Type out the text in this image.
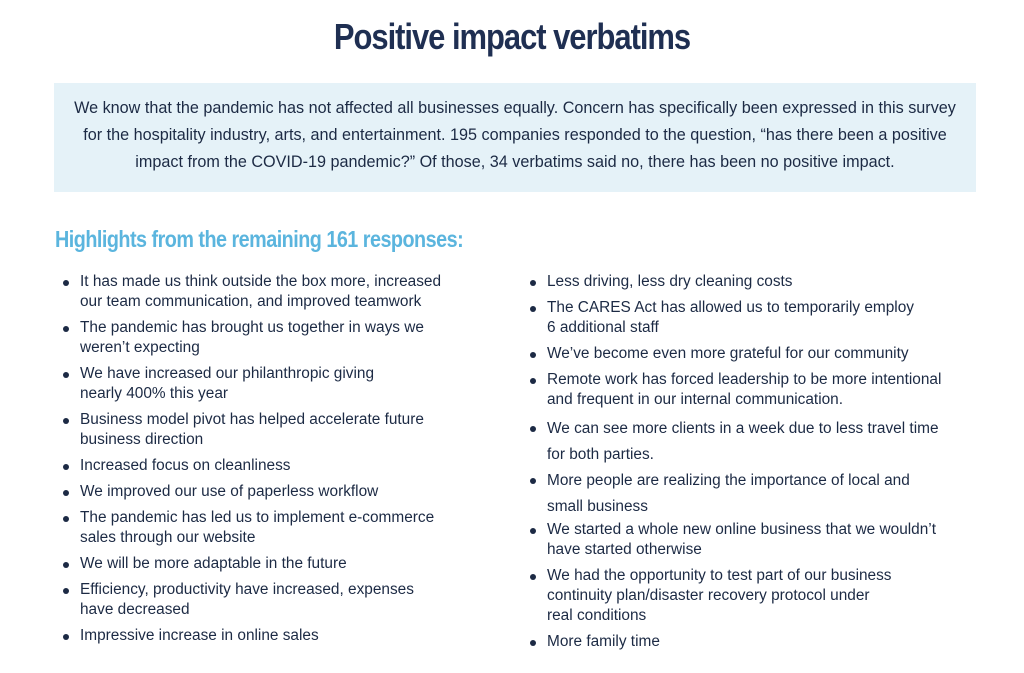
Positive impact verbatims
We know that the pandemic has not affected all businesses equally. Concern has specifically been expressed in this survey for the hospitality industry, arts, and entertainment. 195 companies responded to the question, “has there been a positive impact from the COVID-19 pandemic?” Of those, 34 verbatims said no, there has been no positive impact.
Highlights from the remaining 161 responses:
It has made us think outside the box more, increased
our team communication, and improved teamwork
The pandemic has brought us together in ways we
weren’t expecting
We have increased our philanthropic giving
nearly 400% this year
Business model pivot has helped accelerate future
business direction
Increased focus on cleanliness
We improved our use of paperless workflow
The pandemic has led us to implement e-commerce
sales through our website
We will be more adaptable in the future
Efficiency, productivity have increased, expenses
have decreased
Impressive increase in online sales
Less driving, less dry cleaning costs
The CARES Act has allowed us to temporarily employ
6 additional staff
We’ve become even more grateful for our community
Remote work has forced leadership to be more intentional
and frequent in our internal communication.
We can see more clients in a week due to less travel time
for both parties.
More people are realizing the importance of local and
small business
We started a whole new online business that we wouldn’t
have started otherwise
We had the opportunity to test part of our business
continuity plan/disaster recovery protocol under
real conditions
More family time
